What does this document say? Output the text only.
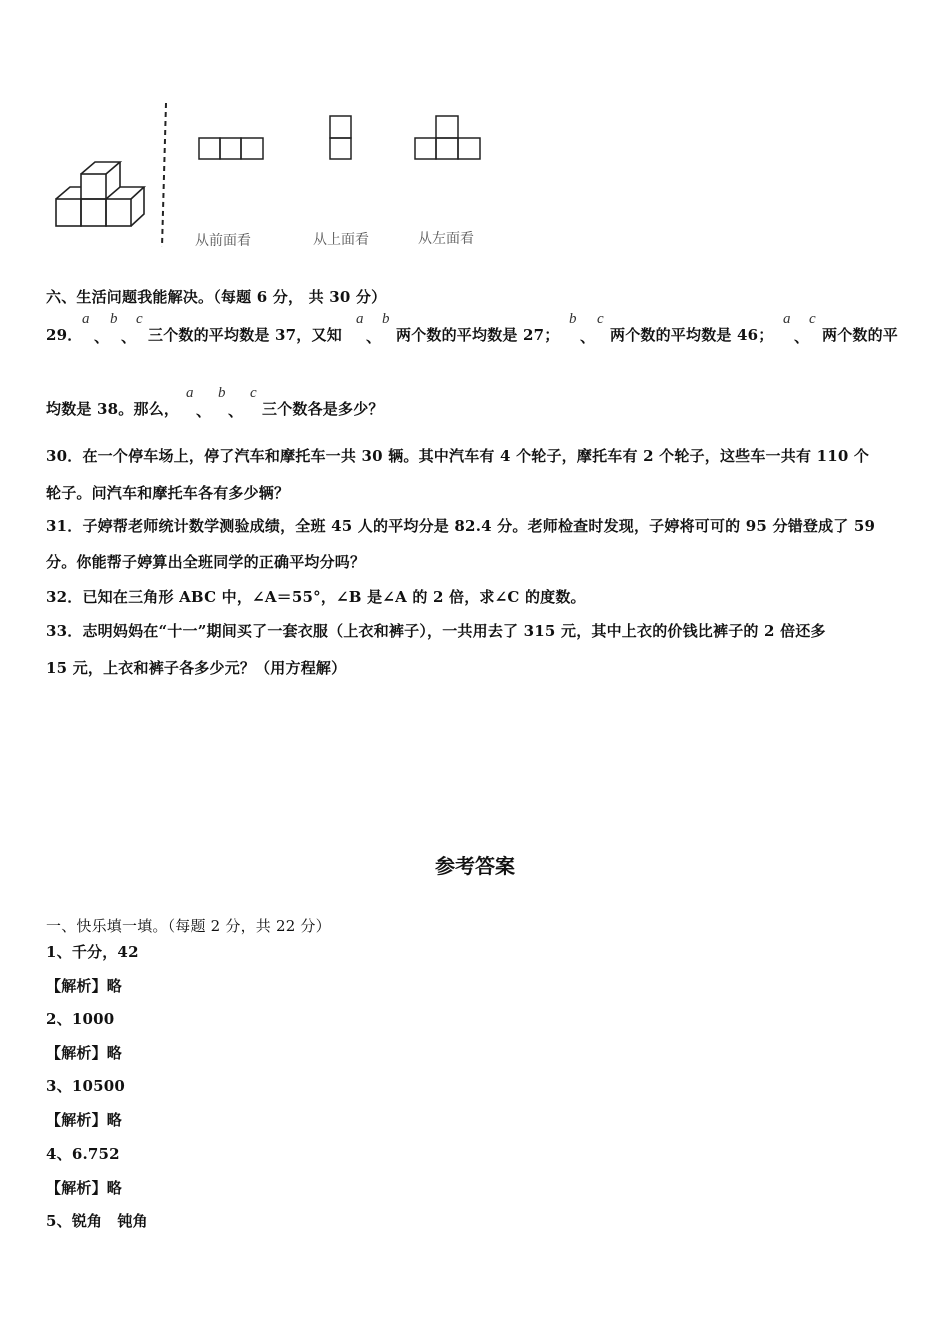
从前面看	从上面看	从左面看
六、生活问题我能解决。（每题 6 分， 共 30 分）
29．
a b c
、 、 三个数的平均数是 37，又知
a
、
b
两个数的平均数是 27；
b
、
c
两个数的平均数是 46；
a
、
c
两个数的平
均数是 38。那么，
a
、
b
、
c
三个数各是多少？
30．在一个停车场上，停了汽车和摩托车一共 30 辆。其中汽车有 4 个轮子，摩托车有 2 个轮子，这些车一共有 110 个
轮子。问汽车和摩托车各有多少辆？
31．子婷帮老师统计数学测验成绩，全班 45 人的平均分是 82.4 分。老师检查时发现，子婷将可可的 95 分错登成了 59
分。你能帮子婷算出全班同学的正确平均分吗？
32．已知在三角形 ABC 中，∠A＝55°，∠B 是∠A 的 2 倍，求∠C 的度数。
33．志明妈妈在“十一”期间买了一套衣服（上衣和裤子），一共用去了 315 元，其中上衣的价钱比裤子的 2 倍还多
15 元，上衣和裤子各多少元？（用方程解）
参考答案
一、快乐填一填。（每题 2 分，共 22 分）
1、千分，42
【解析】略
2、1000
【解析】略
3、10500
【解析】略
4、6.752
【解析】略
5、锐角　钝角
